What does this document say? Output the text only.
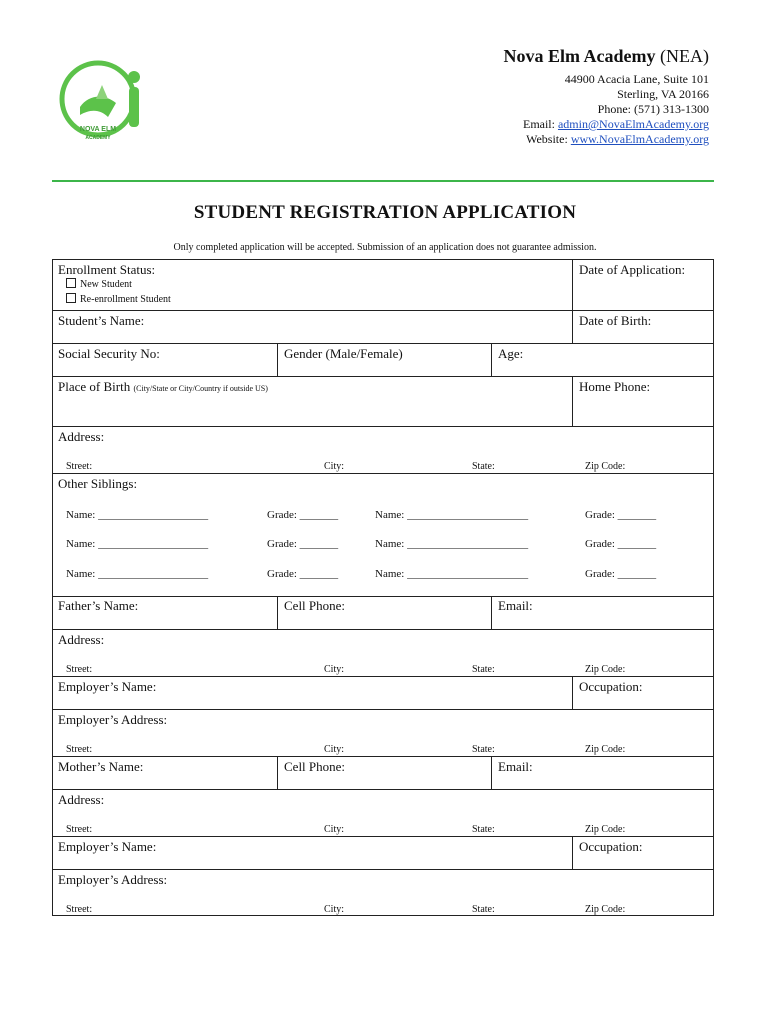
NOVA ELM
ACADEMY
Nova Elm Academy (NEA)
44900 Acacia Lane, Suite 101
Sterling, VA 20166
Phone: (571) 313-1300
Email: admin@NovaElmAcademy.org
Website: www.NovaElmAcademy.org
STUDENT REGISTRATION APPLICATION
Only completed application will be accepted. Submission of an application does not guarantee admission.
Enrollment Status:
New Student
Re-enrollment Student
Date of Application:
Student’s Name:	Date of Birth:
Social Security No:	Gender (Male/Female)	Age:
Place of Birth (City/State or City/Country if outside US)	Home Phone:
Address:
Street:	City:	State:	Zip Code:
Other Siblings:
Name: ____________________	Grade: _______	Name: ______________________	Grade: _______
Name: ____________________	Grade: _______	Name: ______________________	Grade: _______
Name: ____________________	Grade: _______	Name: ______________________	Grade: _______
Father’s Name:	Cell Phone:	Email:
Address:
Street:	City:	State:	Zip Code:
Employer’s Name:	Occupation:
Employer’s Address:
Street:	City:	State:	Zip Code:
Mother’s Name:	Cell Phone:	Email:
Address:
Street:	City:	State:	Zip Code:
Employer’s Name:	Occupation:
Employer’s Address:
Street:	City:	State:	Zip Code:
